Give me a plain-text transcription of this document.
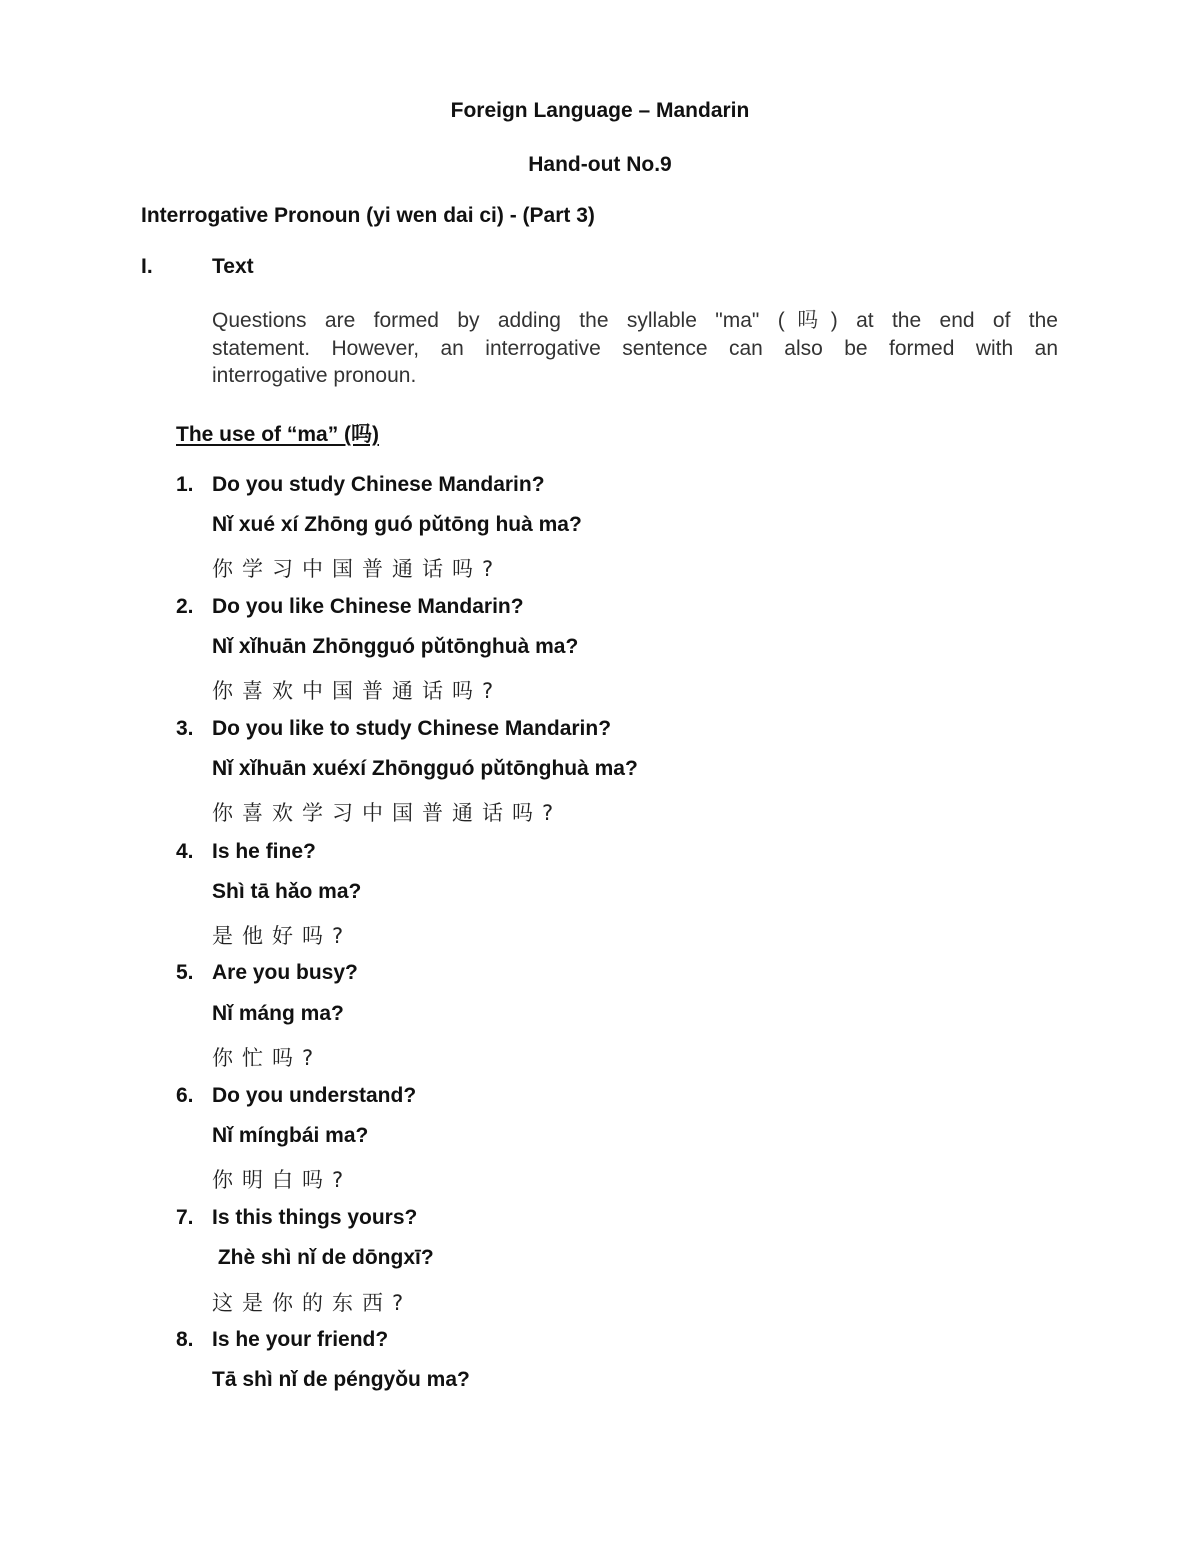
Foreign Language – Mandarin
Hand-out No.9
Interrogative Pronoun (yi wen dai ci) - (Part 3)
I.	Text
Questions are formed by adding the syllable "ma" (吗) at the end of the
statement. However, an interrogative sentence can also be formed with an
interrogative pronoun.
The use of “ma” (吗)
1. Do you study Chinese Mandarin?
Nǐ xué xí Zhōng guó pǔtōng huà ma?
你学习中国普通话吗?
2. Do you like Chinese Mandarin?
Nǐ xǐhuān Zhōngguó pǔtōnghuà ma?
你喜欢中国普通话吗?
3. Do you like to study Chinese Mandarin?
Nǐ xǐhuān xuéxí Zhōngguó pǔtōnghuà ma?
你喜欢学习中国普通话吗?
4. Is he fine?
Shì tā hǎo ma?
是他好吗?
5. Are you busy?
Nǐ máng ma?
你忙吗?
6. Do you understand?
Nǐ míngbái ma?
你明白吗?
7. Is this things yours?
Zhè shì nǐ de dōngxī?
这是你的东西?
8. Is he your friend?
Tā shì nǐ de péngyǒu ma?
